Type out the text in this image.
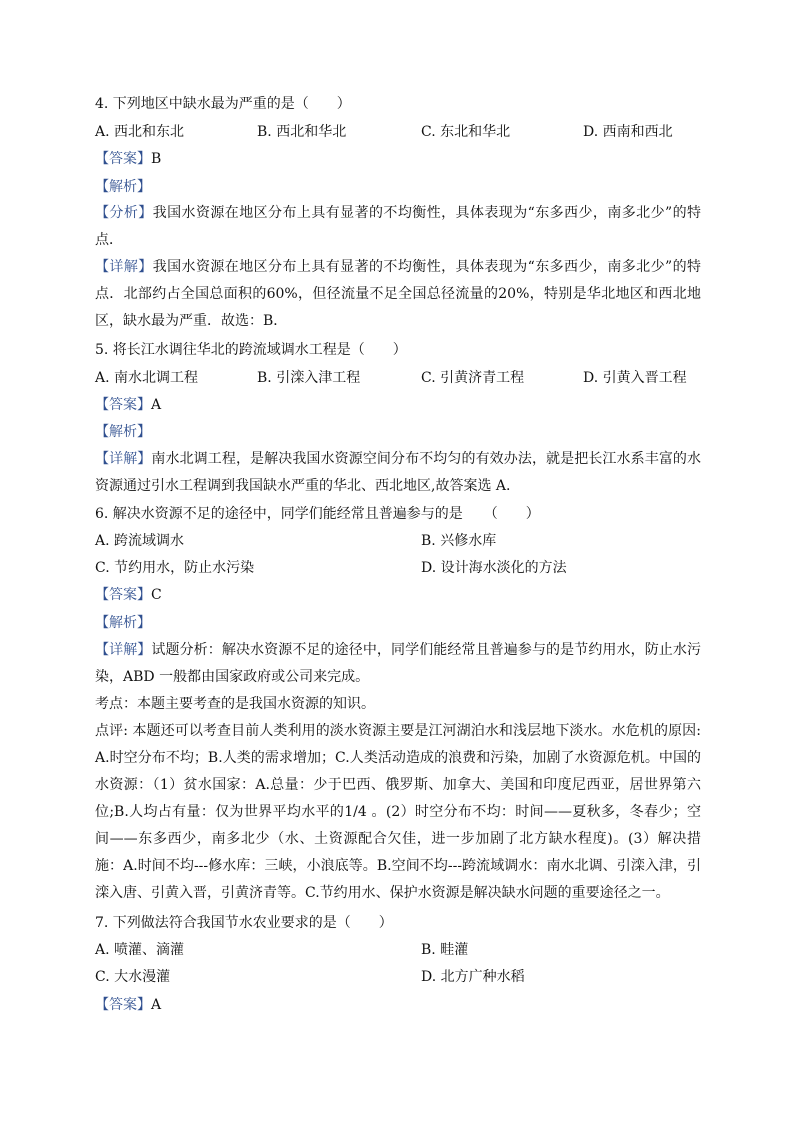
4. 下列地区中缺水最为严重的是（　　）
A. 西北和东北	B. 西北和华北	C. 东北和华北	D. 西南和西北
【答案】B
【解析】
【分析】我国水资源在地区分布上具有显著的不均衡性，具体表现为“东多西少，南多北少”的特点．
【详解】我国水资源在地区分布上具有显著的不均衡性，具体表现为“东多西少，南多北少”的特点．北部约占全国总面积的60%，但径流量不足全国总径流量的20%，特别是华北地区和西北地区，缺水最为严重．故选：B．
5. 将长江水调往华北的跨流域调水工程是（　　）
A. 南水北调工程	B. 引滦入津工程	C. 引黄济青工程	D. 引黄入晋工程
【答案】A
【解析】
【详解】南水北调工程，是解决我国水资源空间分布不均匀的有效办法，就是把长江水系丰富的水资源通过引水工程调到我国缺水严重的华北、西北地区,故答案选 A.
6. 解决水资源不足的途径中，同学们能经常且普遍参与的是　　（　　）
A. 跨流域调水	B. 兴修水库
C. 节约用水，防止水污染	D. 设计海水淡化的方法
【答案】C
【解析】
【详解】试题分析：解决水资源不足的途径中，同学们能经常且普遍参与的是节约用水，防止水污染，ABD 一般都由国家政府或公司来完成。
考点：本题主要考查的是我国水资源的知识。
点评: 本题还可以考查目前人类利用的淡水资源主要是江河湖泊水和浅层地下淡水。水危机的原因: A.时空分布不均；B.人类的需求增加；C.人类活动造成的浪费和污染，加剧了水资源危机。中国的水资源：（1）贫水国家：A.总量：少于巴西、俄罗斯、加拿大、美国和印度尼西亚，居世界第六位;B.人均占有量：仅为世界平均水平的1/4 。(2）时空分布不均：时间——夏秋多，冬春少；空间——东多西少，南多北少（水、土资源配合欠佳，进一步加剧了北方缺水程度)。(3）解决措施：A.时间不均---修水库：三峡，小浪底等。B.空间不均---跨流域调水：南水北调、引滦入津，引滦入唐、引黄入晋，引黄济青等。C.节约用水、保护水资源是解决缺水问题的重要途径之一。
7. 下列做法符合我国节水农业要求的是（　　）
A. 喷灌、滴灌	B. 畦灌
C. 大水漫灌	D. 北方广种水稻
【答案】A
